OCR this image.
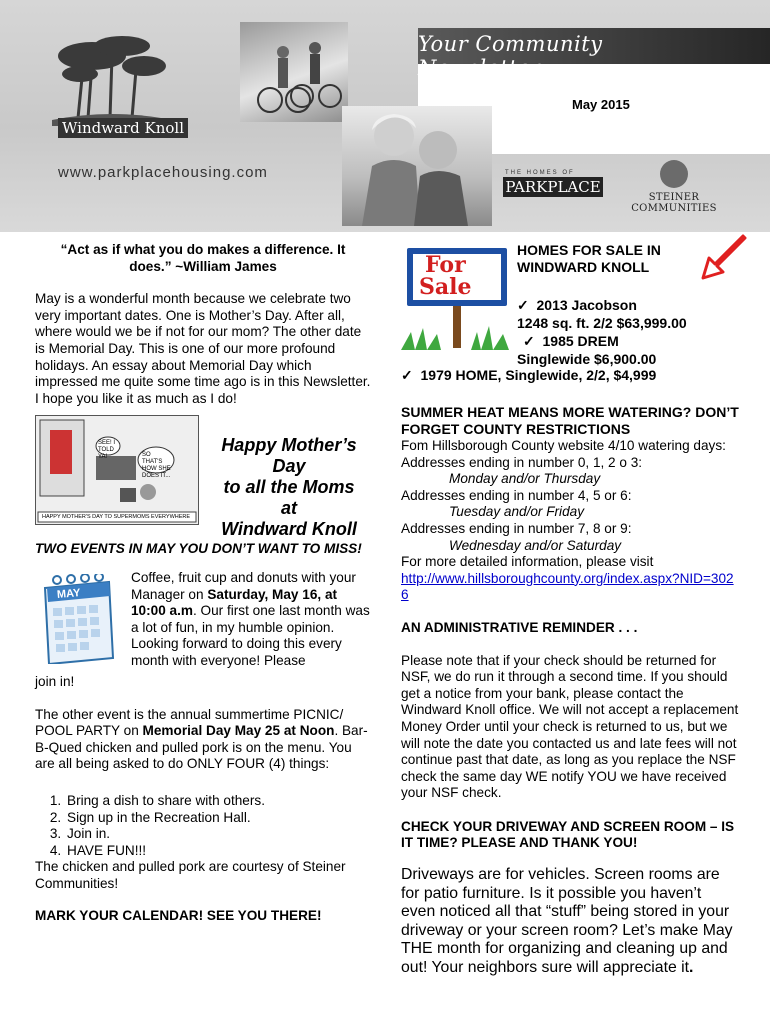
Windward Knoll
Your Community
May 2015
www.parkplacehousing.com	THE HOMES OF
PARKPLACE
STEINER COMMUNITIES

“Act as if what you do makes a difference. It does.” ~William James

May is a wonderful month because we celebrate two very important dates. One is Mother’s Day. After all, where would we be if not for our mom? The other date is Memorial Day. This is one of our more profound holidays. An essay about Memorial Day which impressed me quite some time ago is in this Newsletter. I hope you like it as much as I do!

SEE! I TOLD YA!	SO THAT'S HOW SHE DOES IT...
HAPPY MOTHER'S DAY TO SUPERMOMS EVERYWHERE
Happy Mother’s Day
to all the Moms
at
Windward Knoll

TWO EVENTS IN MAY YOU DON’T WANT TO MISS!

MAY

Coffee, fruit cup and donuts with your Manager on Saturday, May 16, at 10:00 a.m. Our first one last month was a lot of fun, in my humble opinion. Looking forward to doing this every month with everyone! Please

join in!

The other event is the annual summertime PICNIC/ POOL PARTY on Memorial Day May 25 at Noon. Bar-B-Qued chicken and pulled pork is on the menu. You are all being asked to do ONLY FOUR (4) things:

1. Bring a dish to share with others.
2. Sign up in the Recreation Hall.
3. Join in.
4. HAVE FUN!!!

The chicken and pulled pork are courtesy of Steiner Communities!

MARK YOUR CALENDAR! SEE YOU THERE!

For
Sale

HOMES FOR SALE IN WINDWARD KNOLL

✓ 2013 Jacobson
1248 sq. ft. 2/2 $63,999.00
✓ 1985 DREM
Singlewide $6,900.00
✓ 1979 HOME, Singlewide, 2/2, $4,999

SUMMER HEAT MEANS MORE WATERING? DON’T FORGET COUNTY RESTRICTIONS

Fom Hillsborough County website 4/10 watering days:

Addresses ending in number 0, 1, 2 o 3:

Monday and/or Thursday

Addresses ending in number 4, 5 or 6:

Tuesday and/or Friday

Addresses ending in number 7, 8 or 9:

Wednesday and/or Saturday

For more detailed information, please visit

http://www.hillsboroughcounty.org/index.aspx?NID=3026

AN ADMINISTRATIVE REMINDER . . .

Please note that if your check should be returned for NSF, we do run it through a second time. If you should get a notice from your bank, please contact the Windward Knoll office. We will not accept a replacement Money Order until your check is returned to us, but we will note the date you contacted us and late fees will not continue past that date, as long as you replace the NSF check the same day WE notify YOU we have received your NSF check.

CHECK YOUR DRIVEWAY AND SCREEN ROOM – IS IT TIME? PLEASE AND THANK YOU!

Driveways are for vehicles. Screen rooms are for patio furniture. Is it possible you haven’t even noticed all that “stuff” being stored in your driveway or your screen room? Let’s make May THE month for organizing and cleaning up and out! Your neighbors sure will appreciate it.
